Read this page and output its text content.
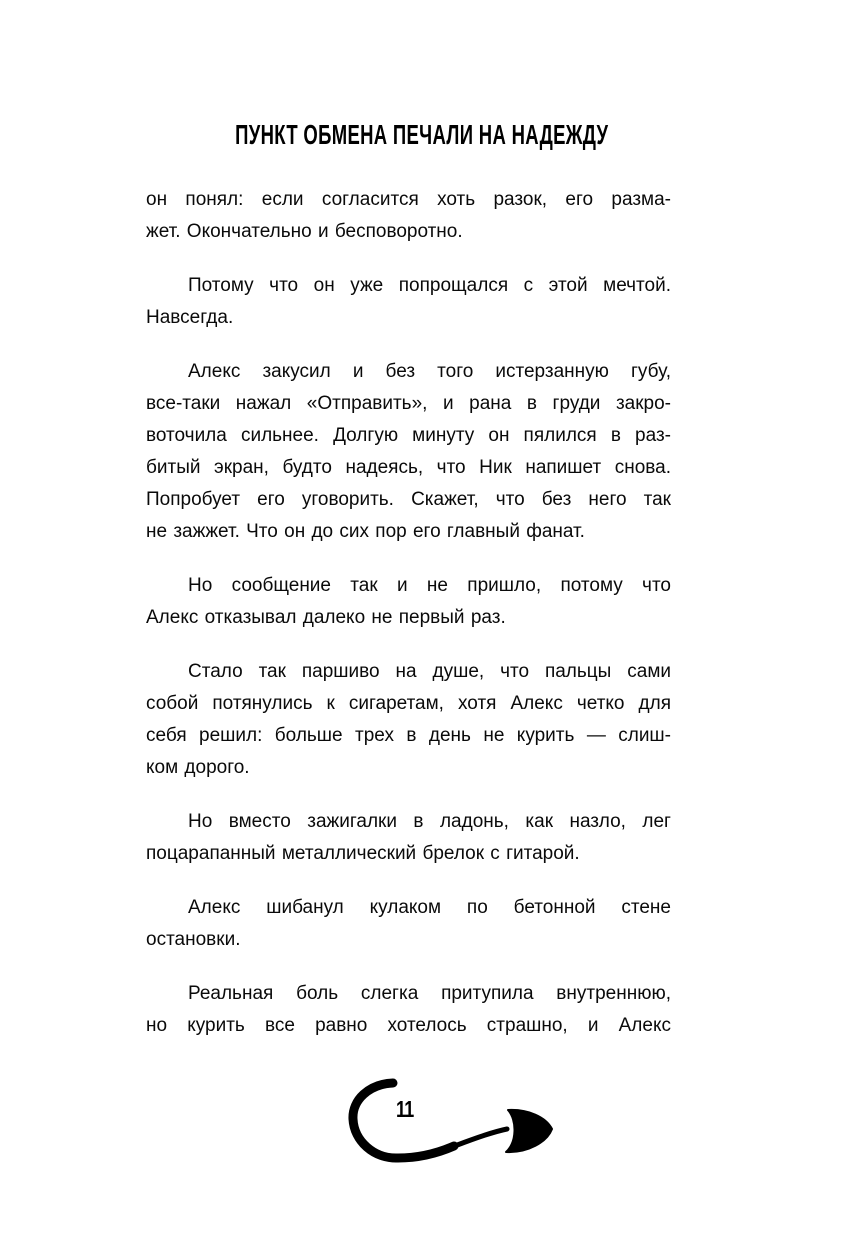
ПУНКТ ОБМЕНА ПЕЧАЛИ НА НАДЕЖДУ
он понял: если согласится хоть разок, его разма-
жет. Окончательно и бесповоротно.
Потому что он уже попрощался с этой мечтой.
Навсегда.
Алекс закусил и без того истерзанную губу,
все-таки нажал «Отправить», и рана в груди закро-
воточила сильнее. Долгую минуту он пялился в раз-
битый экран, будто надеясь, что Ник напишет снова.
Попробует его уговорить. Скажет, что без него так
не зажжет. Что он до сих пор его главный фанат.
Но сообщение так и не пришло, потому что
Алекс отказывал далеко не первый раз.
Стало так паршиво на душе, что пальцы сами
собой потянулись к сигаретам, хотя Алекс четко для
себя решил: больше трех в день не курить — слиш-
ком дорого.
Но вместо зажигалки в ладонь, как назло, лег
поцарапанный металлический брелок с гитарой.
Алекс шибанул кулаком по бетонной стене
остановки.
Реальная боль слегка притупила внутреннюю,
но курить все равно хотелось страшно, и Алекс
11
